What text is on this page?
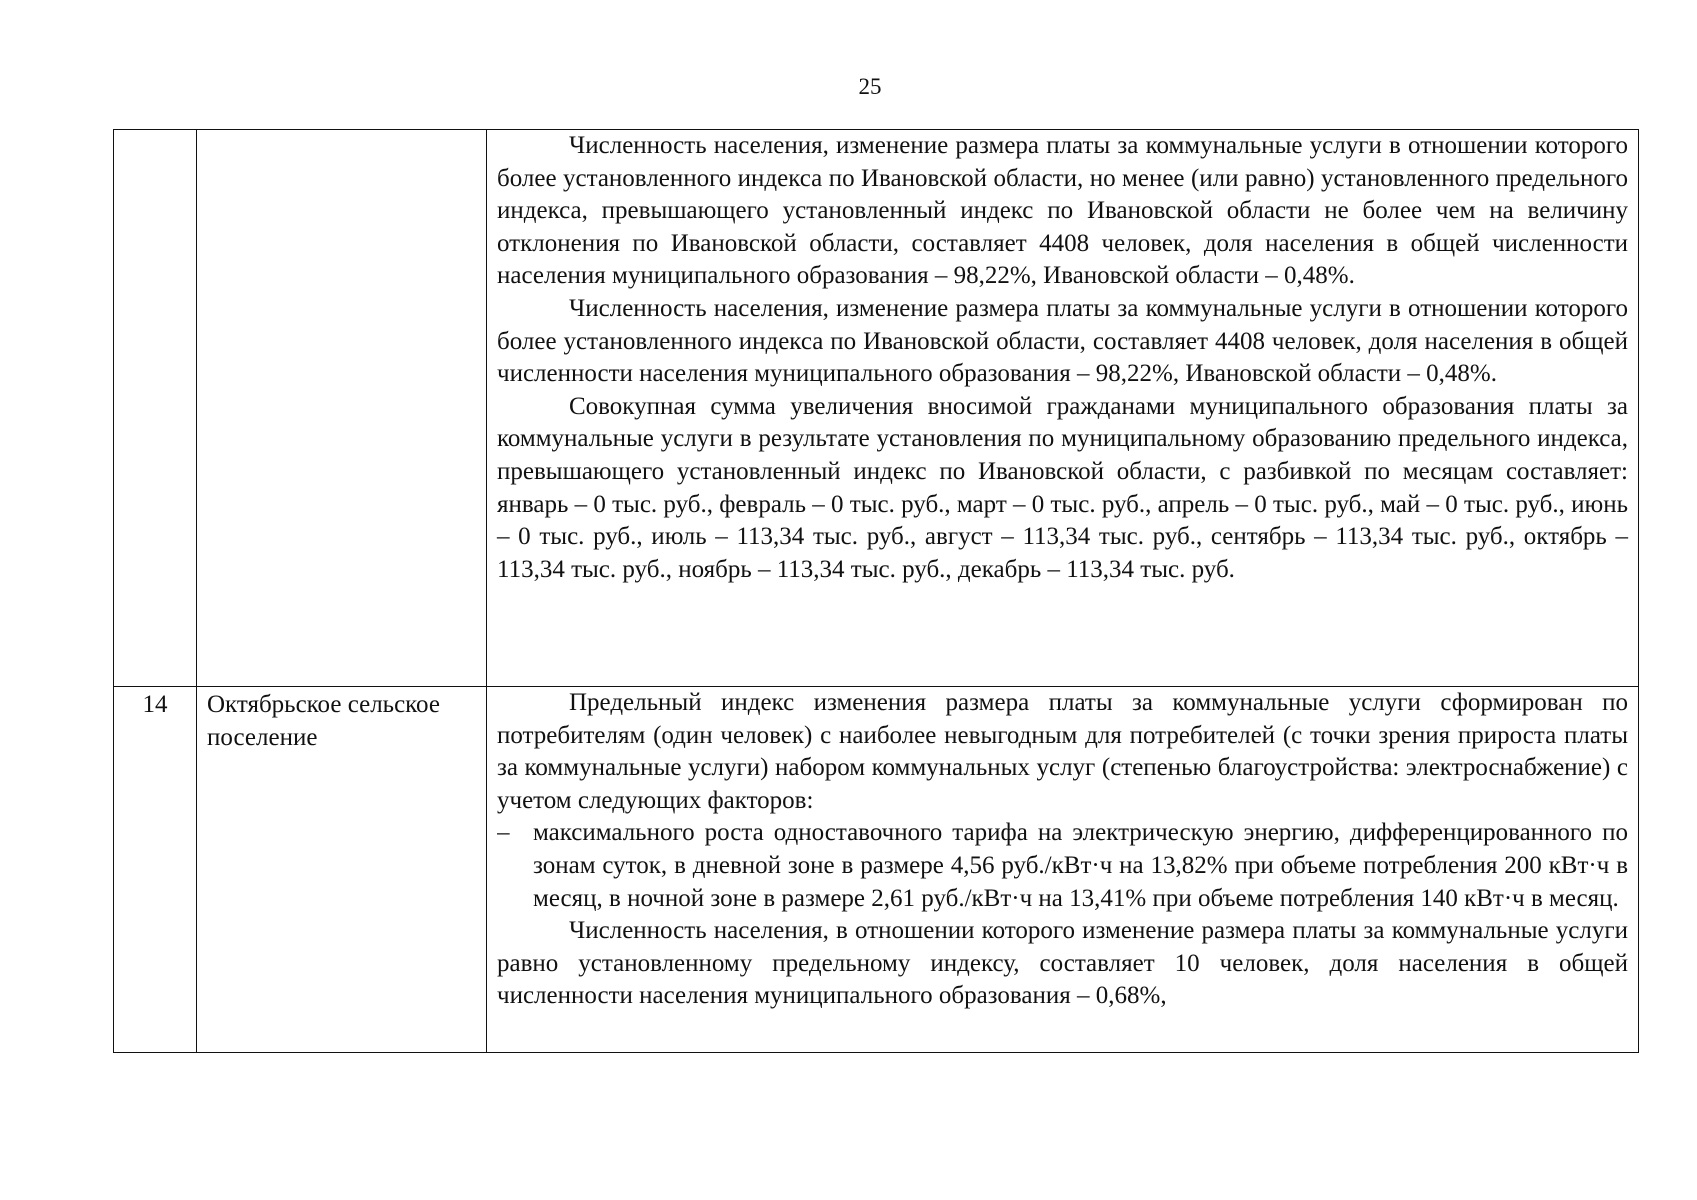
25

		Численность населения, изменение размера платы за коммунальные услуги в отношении которого более установленного индекса по Ивановской области, но менее (или равно) установленного предельного индекса, превышающего установленный индекс по Ивановской области не более чем на величину отклонения по Ивановской области, составляет 4408 человек, доля населения в общей численности населения муниципального образования – 98,22%, Ивановской области – 0,48%.

Численность населения, изменение размера платы за коммунальные услуги в отношении которого более установленного индекса по Ивановской области, составляет 4408 человек, доля населения в общей численности населения муниципального образования – 98,22%, Ивановской области – 0,48%.

Совокупная сумма увеличения вносимой гражданами муниципального образования платы за коммунальные услуги в результате установления по муниципальному образованию предельного индекса, превышающего установленный индекс по Ивановской области, с разбивкой по месяцам составляет: январь – 0 тыс. руб., февраль – 0 тыс. руб., март – 0 тыс. руб., апрель – 0 тыс. руб., май – 0 тыс. руб., июнь – 0 тыс. руб., июль – 113,34 тыс. руб., август – 113,34 тыс. руб., сентябрь – 113,34 тыс. руб., октябрь – 113,34 тыс. руб., ноябрь – 113,34 тыс. руб., декабрь – 113,34 тыс. руб.

14	Октябрьское сельское поселение	Предельный индекс изменения размера платы за коммунальные услуги сформирован по потребителям (один человек) с наиболее невыгодным для потребителей (с точки зрения прироста платы за коммунальные услуги) набором коммунальных услуг (степенью благоустройства: электроснабжение) с учетом следующих факторов:

– максимального роста одноставочного тарифа на электрическую энергию, дифференцированного по зонам суток, в дневной зоне в размере 4,56 руб./кВт·ч на 13,82% при объеме потребления 200 кВт·ч в месяц, в ночной зоне в размере 2,61 руб./кВт·ч на 13,41% при объеме потребления 140 кВт·ч в месяц.

Численность населения, в отношении которого изменение размера платы за коммунальные услуги равно установленному предельному индексу, составляет 10 человек, доля населения в общей численности населения муниципального образования – 0,68%,
